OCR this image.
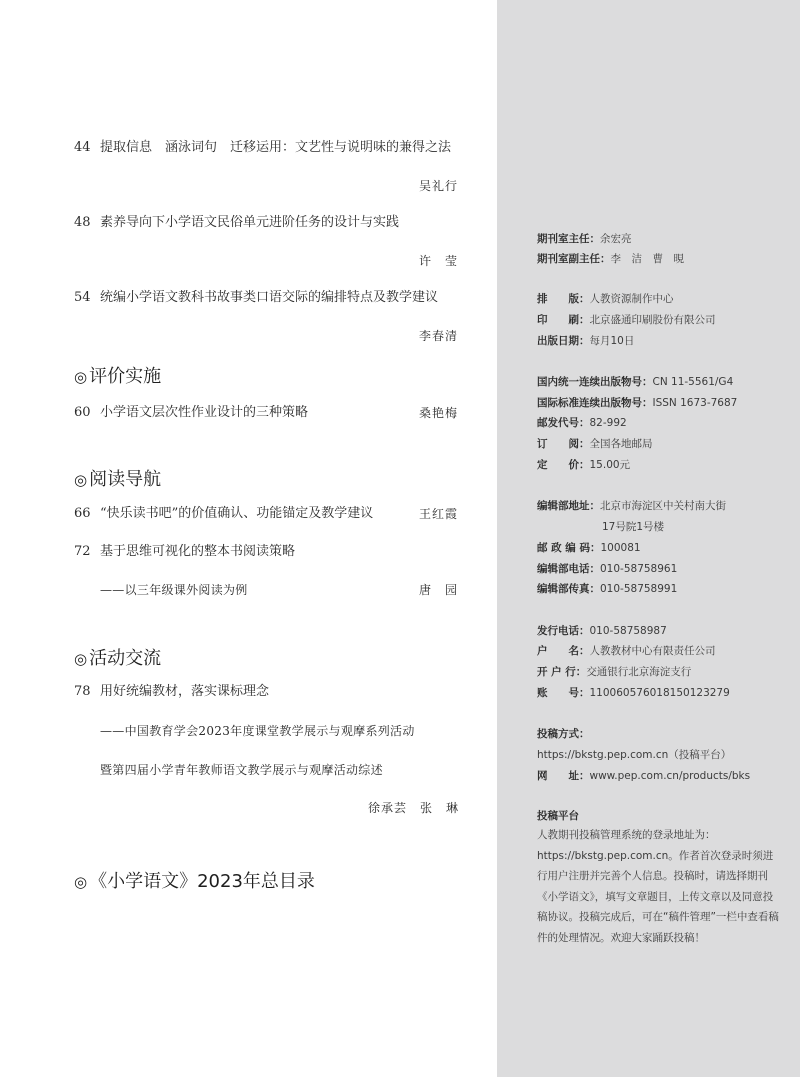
44 提取信息　涵泳词句　迁移运用：文艺性与说明味的兼得之法
吴礼行
48 素养导向下小学语文民俗单元进阶任务的设计与实践
许　莹
54 统编小学语文教科书故事类口语交际的编排特点及教学建议
李春清
◎ 评价实施
60 小学语文层次性作业设计的三种策略	桑艳梅
◎ 阅读导航
66 “快乐读书吧”的价值确认、功能锚定及教学建议	王红霞
72 基于思维可视化的整本书阅读策略
——以三年级课外阅读为例	唐　园
◎ 活动交流
78 用好统编教材，落实课标理念
——中国教育学会2023年度课堂教学展示与观摩系列活动
暨第四届小学青年教师语文教学展示与观摩活动综述
徐承芸　张　琳
◎ 《小学语文》2023年总目录
期刊室主任：余宏亮
期刊室副主任：李　洁　曹　晛
排　　版：人教资源制作中心
印　　刷：北京盛通印刷股份有限公司
出版日期：每月10日
国内统一连续出版物号：CN 11-5561/G4
国际标准连续出版物号：ISSN 1673-7687
邮发代号：82-992
订　　阅：全国各地邮局
定　　价：15.00元
编辑部地址：北京市海淀区中关村南大街
17号院1号楼
邮 政 编 码：100081
编辑部电话：010-58758961
编辑部传真：010-58758991
发行电话：010-58758987
户　　名：人教教材中心有限责任公司
开 户 行：交通银行北京海淀支行
账　　号：110060576018150123279
投稿方式：
https://bkstg.pep.com.cn（投稿平台）
网　　址：www.pep.com.cn/products/bks
投稿平台
人教期刊投稿管理系统的登录地址为：https://bkstg.pep.com.cn。作者首次登录时须进行用户注册并完善个人信息。投稿时，请选择期刊《小学语文》，填写文章题目，上传文章以及同意投稿协议。投稿完成后，可在“稿件管理”一栏中查看稿件的处理情况。欢迎大家踊跃投稿！
